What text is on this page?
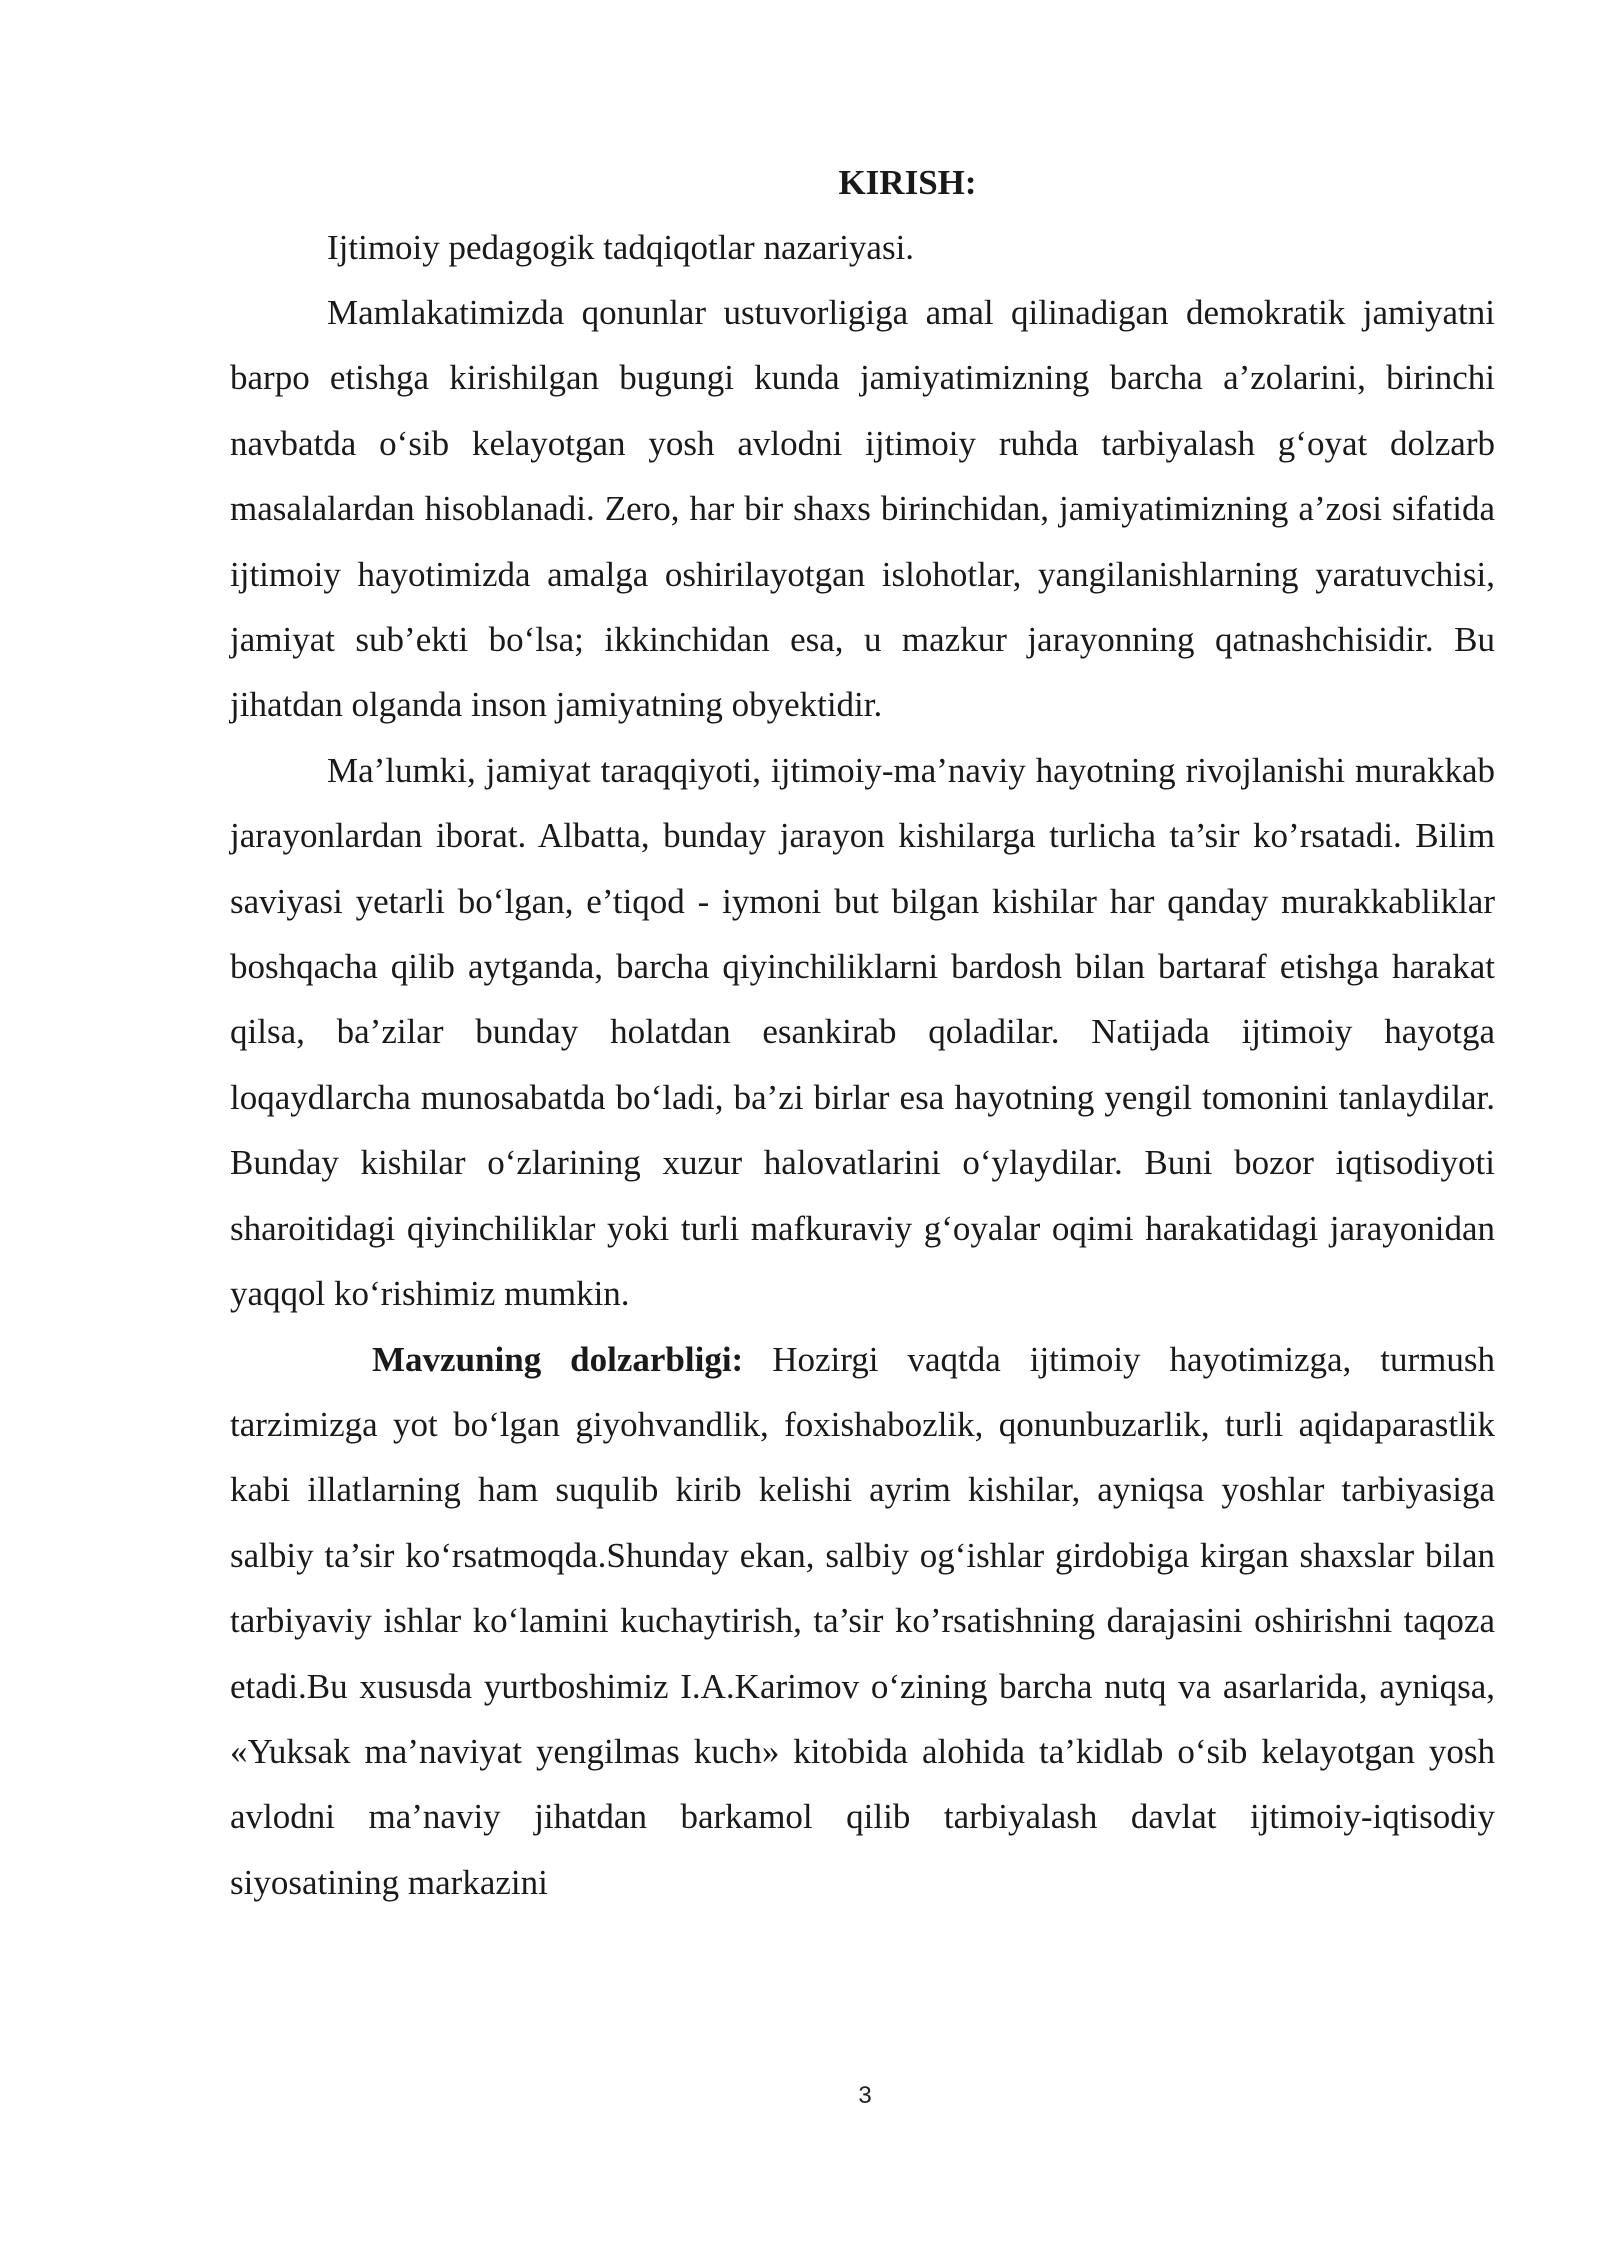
KIRISH:

Ijtimoiy pedagogik tadqiqotlar nazariyasi.

Mamlakatimizda qonunlar ustuvorligiga amal qilinadigan demokratik jamiyatni barpo etishga kirishilgan bugungi kunda jamiyatimizning barcha a’zolarini, birinchi navbatda o‘sib kelayotgan yosh avlodni ijtimoiy ruhda tarbiyalash g‘oyat dolzarb masalalardan hisoblanadi. Zero, har bir shaxs birinchidan, jamiyatimizning a’zosi sifatida ijtimoiy hayotimizda amalga oshirilayotgan islohotlar, yangilanishlarning yaratuvchisi, jamiyat sub’ekti bo‘lsa; ikkinchidan esa, u mazkur jarayonning qatnashchisidir. Bu jihatdan olganda inson jamiyatning obyektidir.

Ma’lumki, jamiyat taraqqiyoti, ijtimoiy-ma’naviy hayotning rivojlanishi murakkab jarayonlardan iborat. Albatta, bunday jarayon kishilarga turlicha ta’sir ko’rsatadi. Bilim saviyasi yetarli bo‘lgan, e’tiqod - iymoni but bilgan kishilar har qanday murakkabliklar boshqacha qilib aytganda, barcha qiyinchiliklarni bardosh bilan bartaraf etishga harakat qilsa, ba’zilar bunday holatdan esankirab qoladilar. Natijada ijtimoiy hayotga loqaydlarcha munosabatda bo‘ladi, ba’zi birlar esa hayotning yengil tomonini tanlaydilar. Bunday kishilar o‘zlarining xuzur halovatlarini o‘ylaydilar. Buni bozor iqtisodiyoti sharoitidagi qiyinchiliklar yoki turli mafkuraviy g‘oyalar oqimi harakatidagi jarayonidan yaqqol ko‘rishimiz mumkin.

Mavzuning dolzarbligi: Hozirgi vaqtda ijtimoiy hayotimizga, turmush tarzimizga yot bo‘lgan giyohvandlik, foxishabozlik, qonunbuzarlik, turli aqidaparastlik kabi illatlarning ham suqulib kirib kelishi ayrim kishilar, ayniqsa yoshlar tarbiyasiga salbiy ta’sir ko‘rsatmoqda.Shunday ekan, salbiy og‘ishlar girdobiga kirgan shaxslar bilan tarbiyaviy ishlar ko‘lamini kuchaytirish, ta’sir ko’rsatishning darajasini oshirishni taqoza etadi.Bu xususda yurtboshimiz I.A.Karimov o‘zining barcha nutq va asarlarida, ayniqsa, «Yuksak ma’naviyat yengilmas kuch» kitobida alohida ta’kidlab o‘sib kelayotgan yosh avlodni ma’naviy jihatdan barkamol qilib tarbiyalash davlat ijtimoiy-iqtisodiy siyosatining markazini

3
